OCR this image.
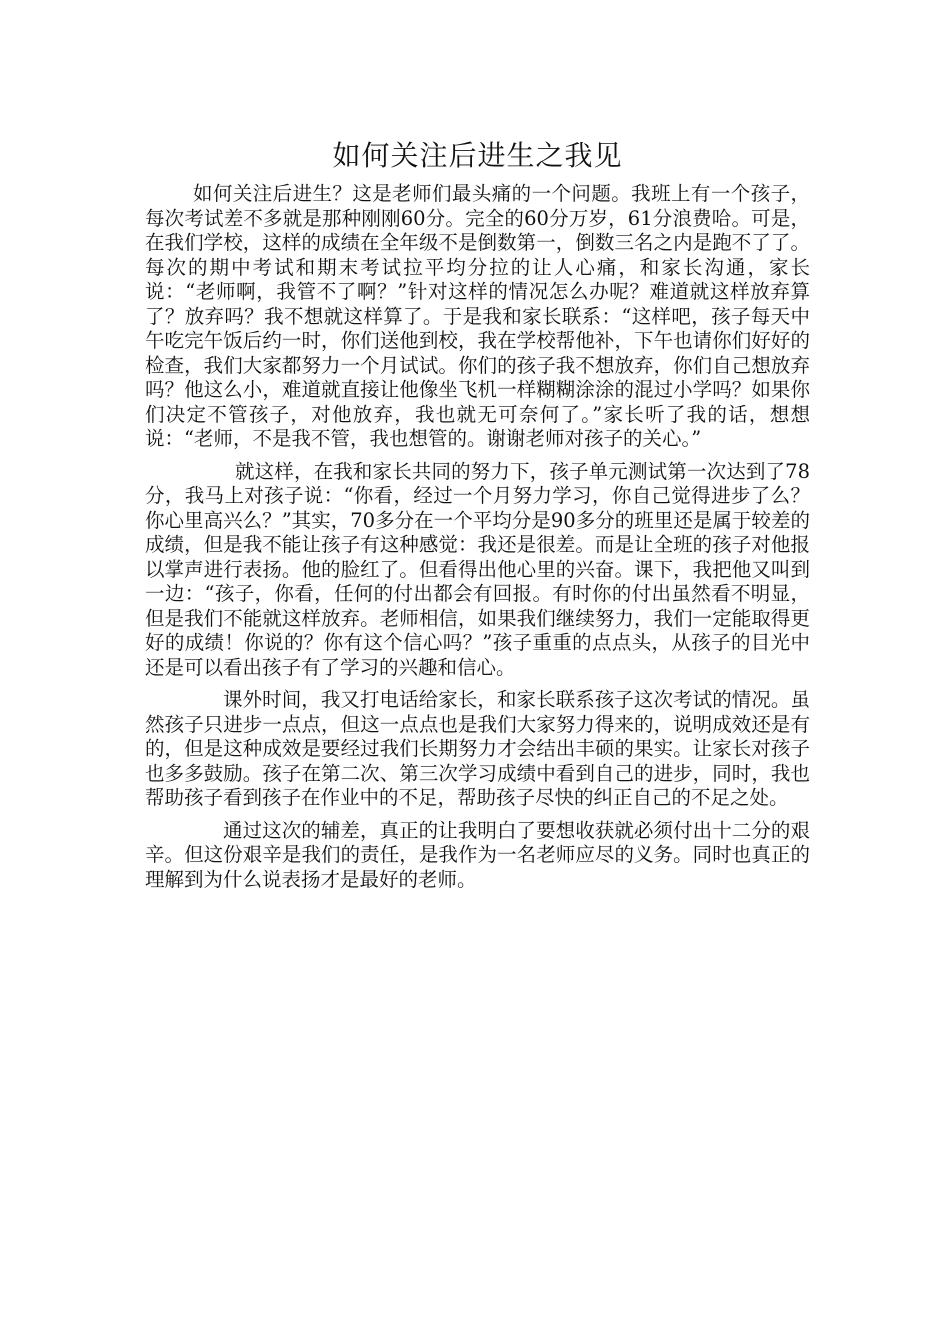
如何关注后进生之我见

如何关注后进生？这是老师们最头痛的一个问题。我班上有一个孩子，每次考试差不多就是那种刚刚60分。完全的60分万岁，61分浪费哈。可是，在我们学校，这样的成绩在全年级不是倒数第一，倒数三名之内是跑不了了。每次的期中考试和期末考试拉平均分拉的让人心痛，和家长沟通，家长说：“老师啊，我管不了啊？”针对这样的情况怎么办呢？难道就这样放弃算了？放弃吗？我不想就这样算了。于是我和家长联系：“这样吧，孩子每天中午吃完午饭后约一时，你们送他到校，我在学校帮他补，下午也请你们好好的检查，我们大家都努力一个月试试。你们的孩子我不想放弃，你们自己想放弃吗？他这么小，难道就直接让他像坐飞机一样糊糊涂涂的混过小学吗？如果你们决定不管孩子，对他放弃，我也就无可奈何了。”家长听了我的话，想想说：“老师，不是我不管，我也想管的。谢谢老师对孩子的关心。”

就这样，在我和家长共同的努力下，孩子单元测试第一次达到了78分，我马上对孩子说：“你看，经过一个月努力学习，你自己觉得进步了么？你心里高兴么？”其实，70多分在一个平均分是90多分的班里还是属于较差的成绩，但是我不能让孩子有这种感觉：我还是很差。而是让全班的孩子对他报以掌声进行表扬。他的脸红了。但看得出他心里的兴奋。课下，我把他又叫到一边：“孩子，你看，任何的付出都会有回报。有时你的付出虽然看不明显，但是我们不能就这样放弃。老师相信，如果我们继续努力，我们一定能取得更好的成绩！你说的？你有这个信心吗？”孩子重重的点点头，从孩子的目光中还是可以看出孩子有了学习的兴趣和信心。

课外时间，我又打电话给家长，和家长联系孩子这次考试的情况。虽然孩子只进步一点点，但这一点点也是我们大家努力得来的，说明成效还是有的，但是这种成效是要经过我们长期努力才会结出丰硕的果实。让家长对孩子也多多鼓励。孩子在第二次、第三次学习成绩中看到自己的进步，同时，我也帮助孩子看到孩子在作业中的不足，帮助孩子尽快的纠正自己的不足之处。

通过这次的辅差，真正的让我明白了要想收获就必须付出十二分的艰辛。但这份艰辛是我们的责任，是我作为一名老师应尽的义务。同时也真正的理解到为什么说表扬才是最好的老师。
